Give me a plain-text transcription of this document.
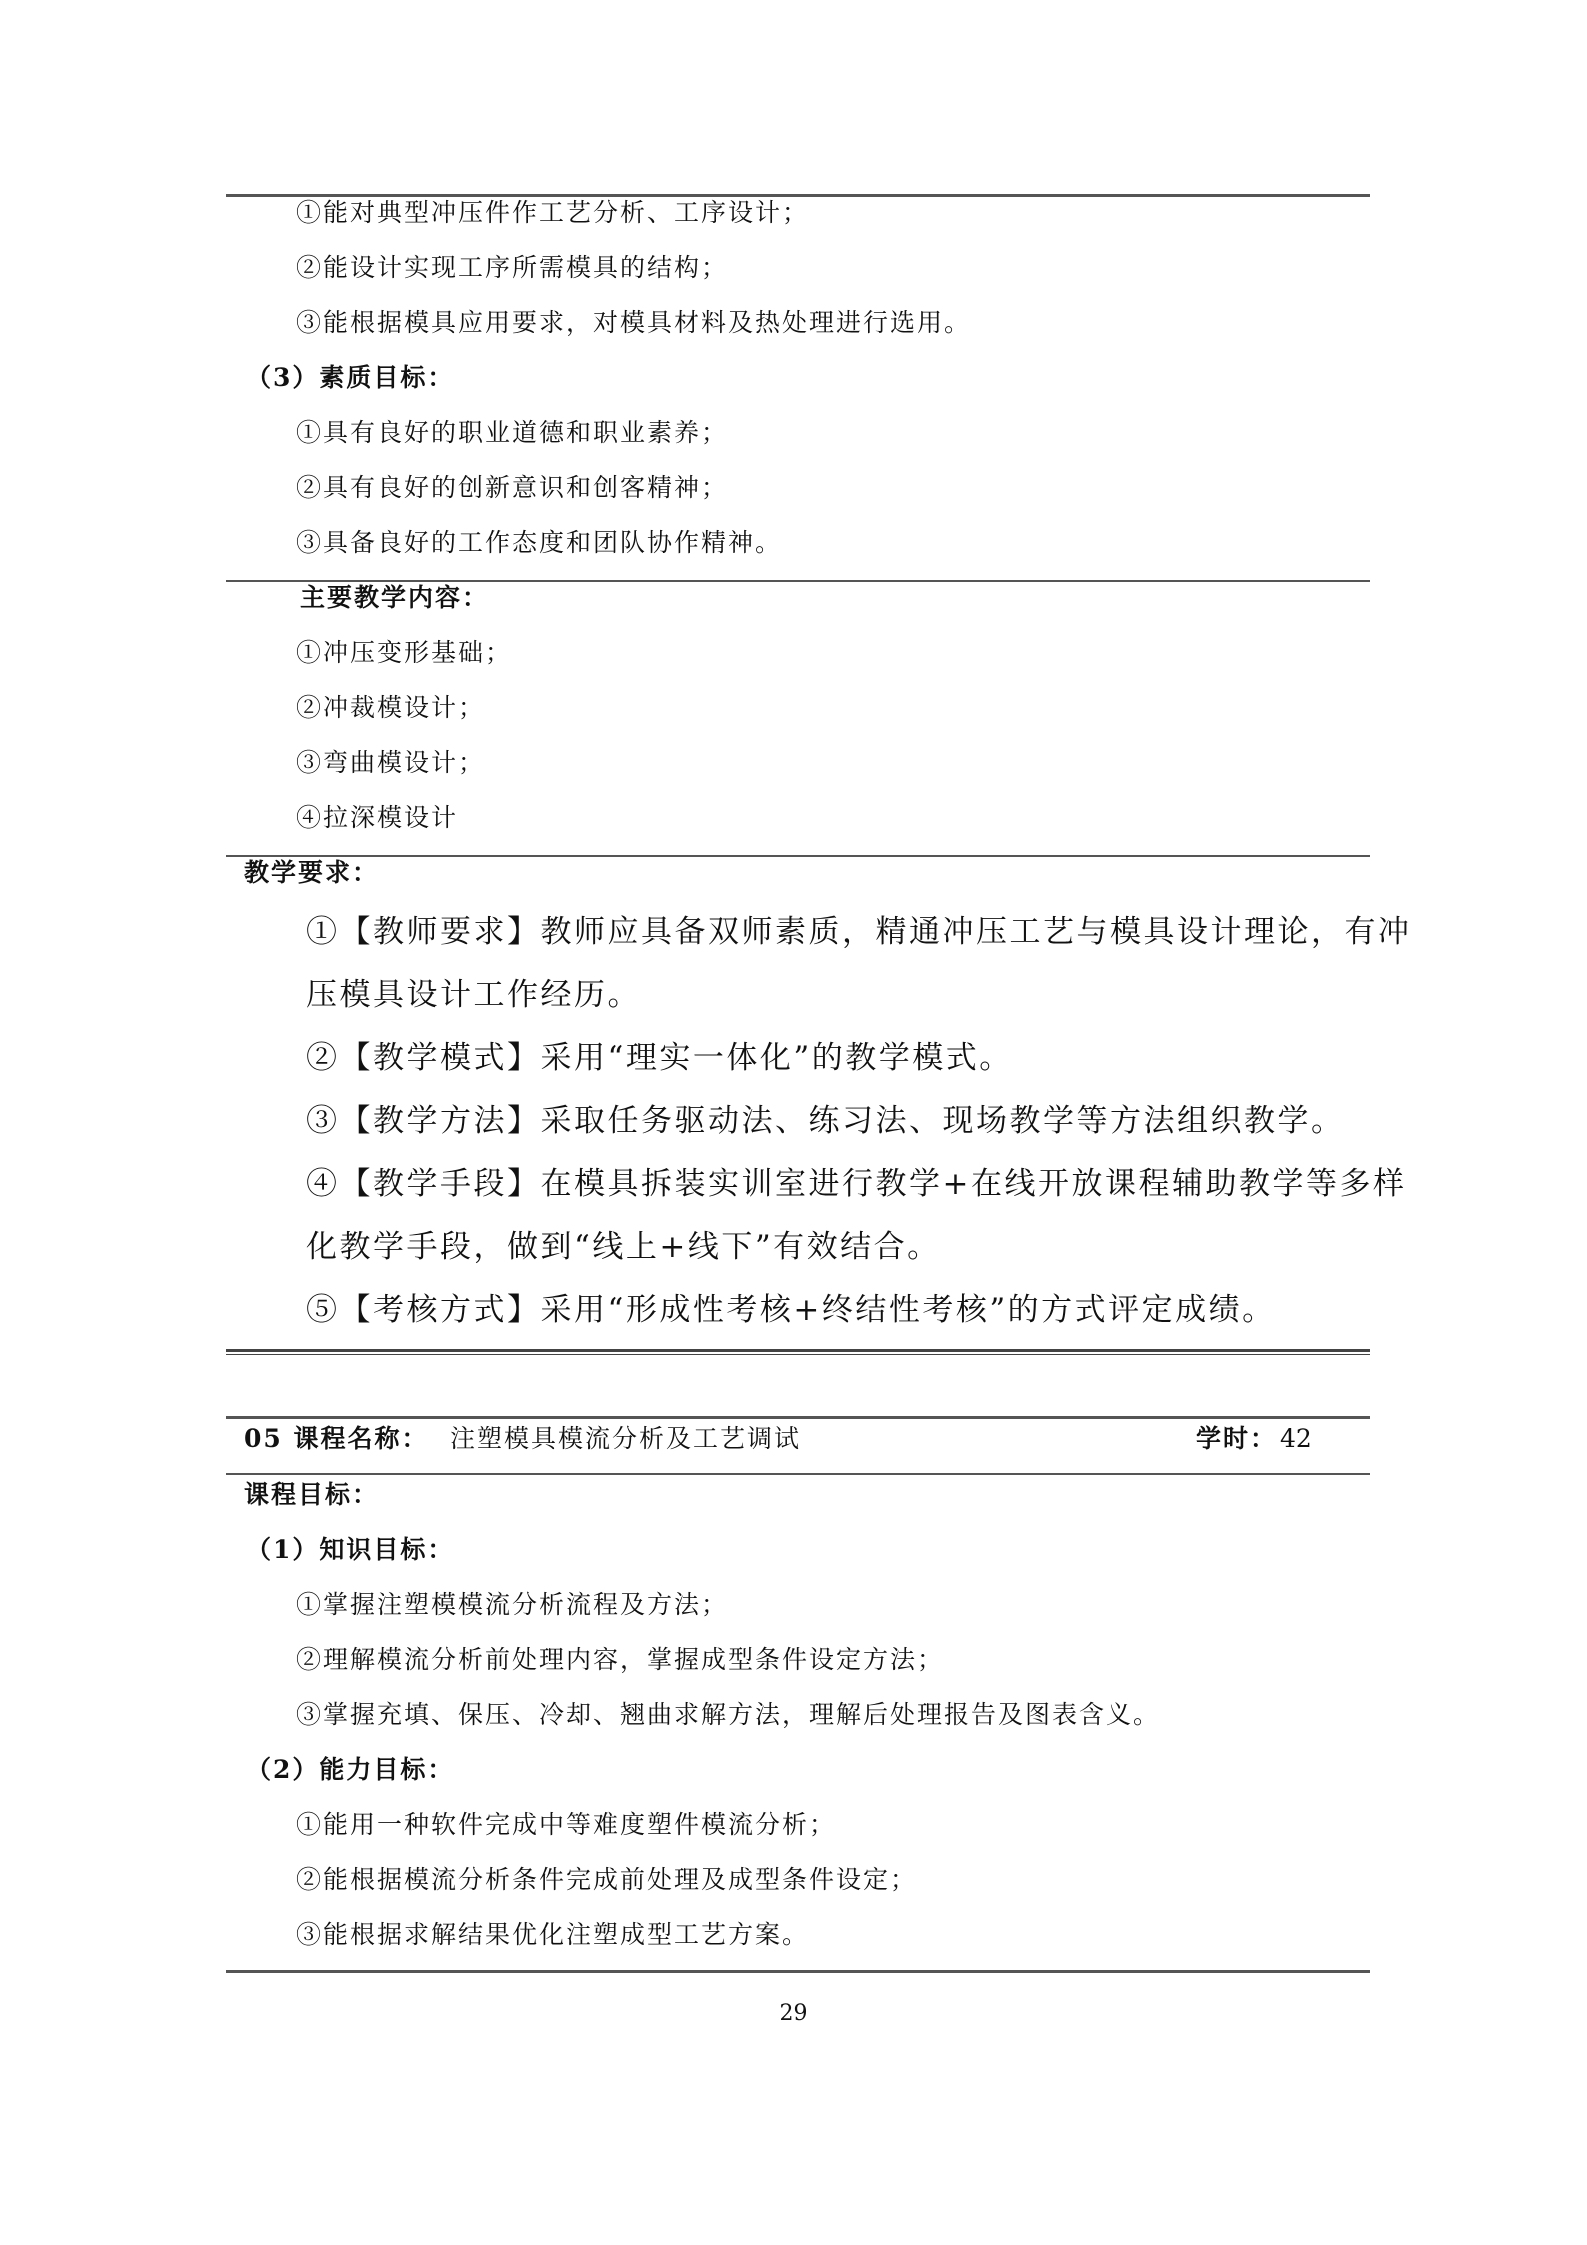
①能对典型冲压件作工艺分析、工序设计；
②能设计实现工序所需模具的结构；
③能根据模具应用要求，对模具材料及热处理进行选用。
（3）素质目标：
①具有良好的职业道德和职业素养；
②具有良好的创新意识和创客精神；
③具备良好的工作态度和团队协作精神。
主要教学内容：
①冲压变形基础；
②冲裁模设计；
③弯曲模设计；
④拉深模设计
教学要求：
①【教师要求】教师应具备双师素质，精通冲压工艺与模具设计理论，有冲
压模具设计工作经历。
②【教学模式】采用“理实一体化”的教学模式。
③【教学方法】采取任务驱动法、练习法、现场教学等方法组织教学。
④【教学手段】在模具拆装实训室进行教学+在线开放课程辅助教学等多样
化教学手段，做到“线上+线下”有效结合。
⑤【考核方式】采用“形成性考核+终结性考核”的方式评定成绩。
05 课程名称： 注塑模具模流分析及工艺调试	学时： 42
课程目标：
（1）知识目标：
①掌握注塑模模流分析流程及方法；
②理解模流分析前处理内容，掌握成型条件设定方法；
③掌握充填、保压、冷却、翘曲求解方法，理解后处理报告及图表含义。
（2）能力目标：
①能用一种软件完成中等难度塑件模流分析；
②能根据模流分析条件完成前处理及成型条件设定；
③能根据求解结果优化注塑成型工艺方案。
29
